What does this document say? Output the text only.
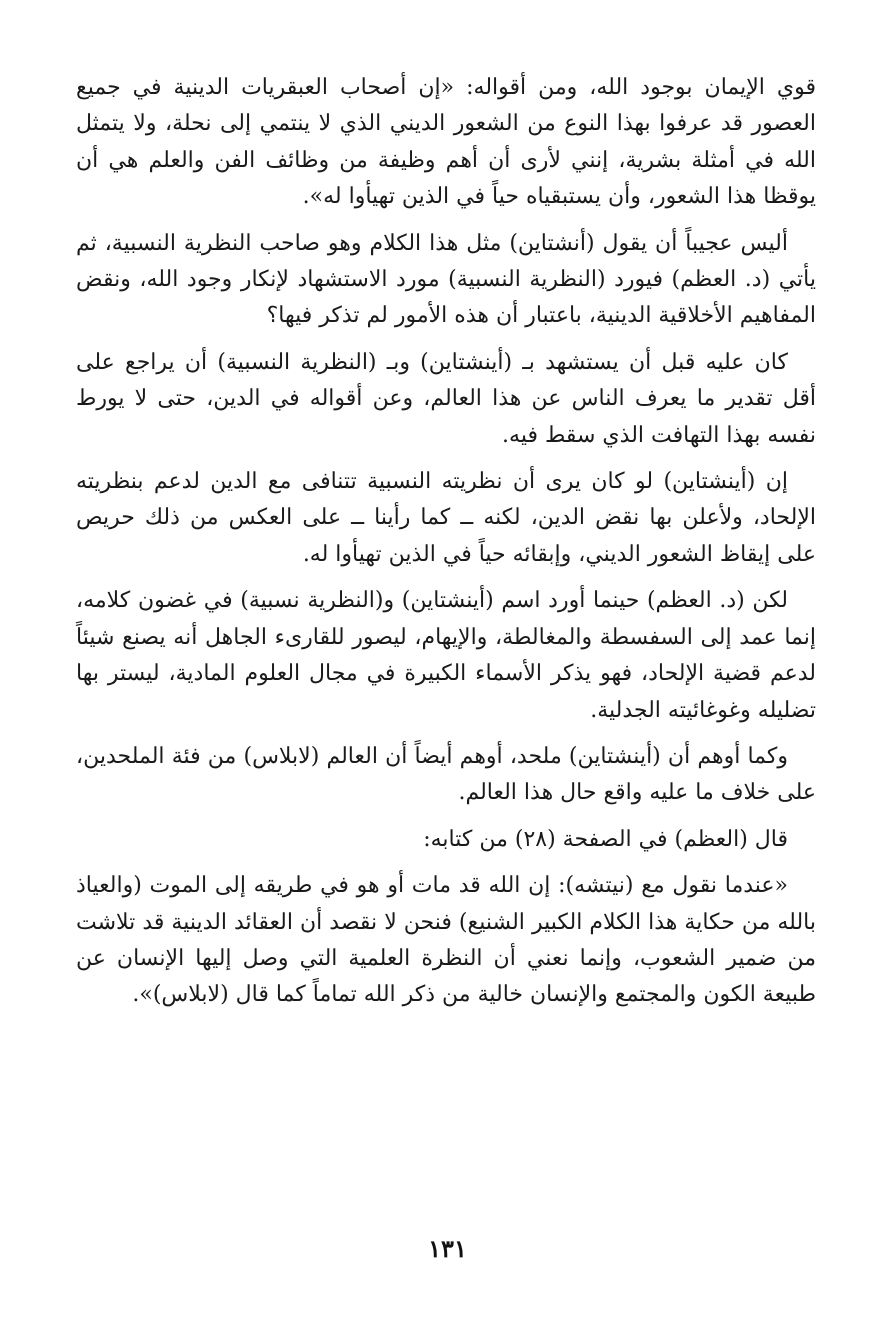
قوي الإيمان بوجود الله، ومن أقواله: «إن أصحاب العبقريات الدينية في جميع العصور قد عرفوا بهذا النوع من الشعور الديني الذي لا ينتمي إلى نحلة، ولا يتمثل الله في أمثلة بشرية، إنني لأرى أن أهم وظيفة من وظائف الفن والعلم هي أن يوقظا هذا الشعور، وأن يستبقياه حياً في الذين تهيأوا له».

أليس عجيباً أن يقول (أنشتاين) مثل هذا الكلام وهو صاحب النظرية النسبية، ثم يأتي (د. العظم) فيورد (النظرية النسبية) مورد الاستشهاد لإنكار وجود الله، ونقض المفاهيم الأخلاقية الدينية، باعتبار أن هذه الأمور لم تذكر فيها؟

كان عليه قبل أن يستشهد بـ (أينشتاين) وبـ (النظرية النسبية) أن يراجع على أقل تقدير ما يعرف الناس عن هذا العالم، وعن أقواله في الدين، حتى لا يورط نفسه بهذا التهافت الذي سقط فيه.

إن (أينشتاين) لو كان يرى أن نظريته النسبية تتنافى مع الدين لدعم بنظريته الإلحاد، ولأعلن بها نقض الدين، لكنه ــ كما رأينا ــ على العكس من ذلك حريص على إيقاظ الشعور الديني، وإبقائه حياً في الذين تهيأوا له.

لكن (د. العظم) حينما أورد اسم (أينشتاين) و(النظرية نسبية) في غضون كلامه، إنما عمد إلى السفسطة والمغالطة، والإيهام، ليصور للقارىء الجاهل أنه يصنع شيئاً لدعم قضية الإلحاد، فهو يذكر الأسماء الكبيرة في مجال العلوم المادية، ليستر بها تضليله وغوغائيته الجدلية.

وكما أوهم أن (أينشتاين) ملحد، أوهم أيضاً أن العالم (لابلاس) من فئة الملحدين، على خلاف ما عليه واقع حال هذا العالم.

قال (العظم) في الصفحة (٢٨) من كتابه:

«عندما نقول مع (نيتشه): إن الله قد مات أو هو في طريقه إلى الموت (والعياذ بالله من حكاية هذا الكلام الكبير الشنيع) فنحن لا نقصد أن العقائد الدينية قد تلاشت من ضمير الشعوب، وإنما نعني أن النظرة العلمية التي وصل إليها الإنسان عن طبيعة الكون والمجتمع والإنسان خالية من ذكر الله تماماً كما قال (لابلاس)».

١٣١
